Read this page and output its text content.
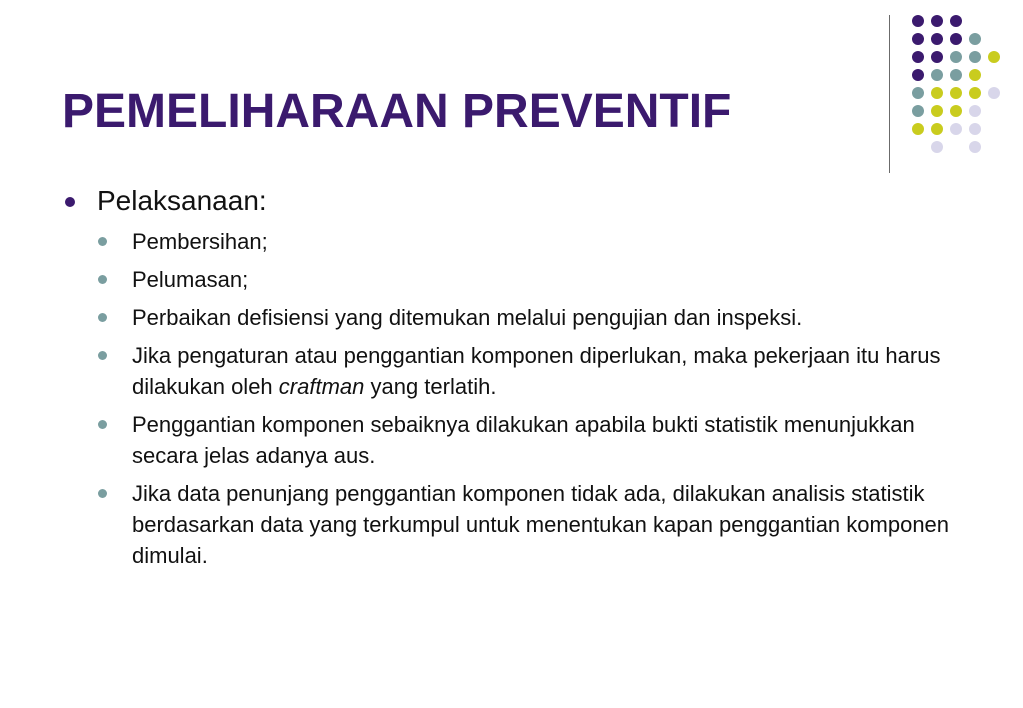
PEMELIHARAAN PREVENTIF
Pelaksanaan:
Pembersihan;
Pelumasan;
Perbaikan defisiensi yang ditemukan melalui pengujian dan inspeksi.
Jika pengaturan atau penggantian komponen diperlukan, maka pekerjaan itu harus dilakukan oleh craftman yang terlatih.
Penggantian komponen sebaiknya dilakukan apabila bukti statistik menunjukkan secara jelas adanya aus.
Jika data penunjang penggantian komponen tidak ada, dilakukan analisis statistik berdasarkan data yang terkumpul untuk menentukan kapan penggantian komponen dimulai.
